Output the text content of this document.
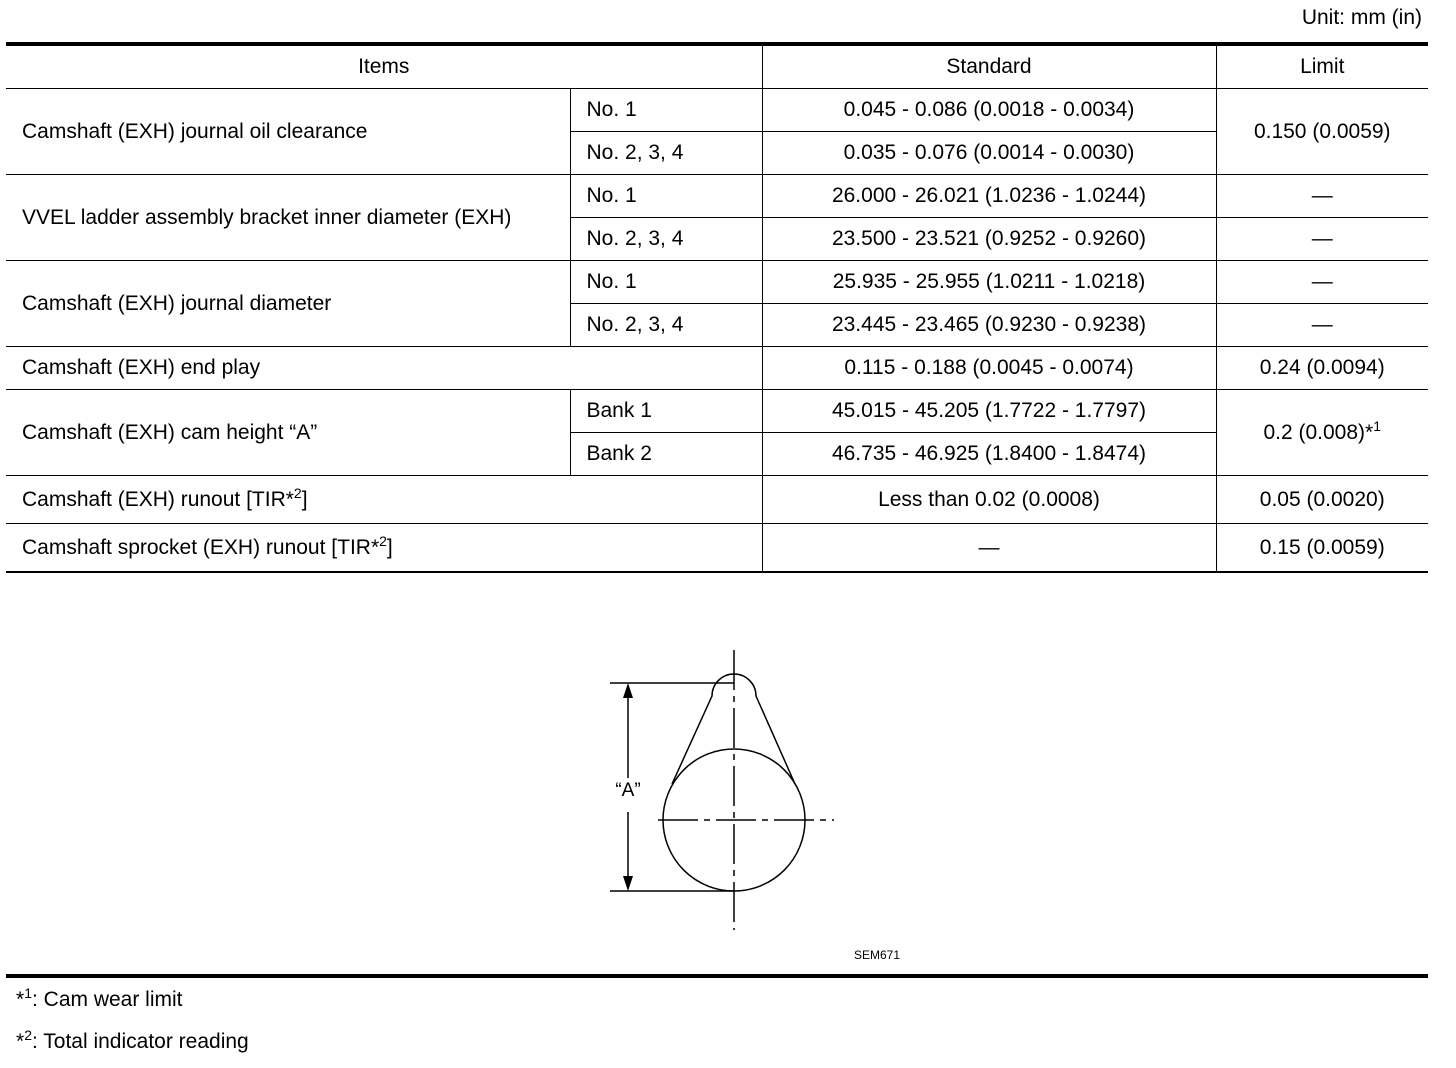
Unit: mm (in)
Items		Standard	Limit
Camshaft (EXH) journal oil clearance	No. 1	0.045 - 0.086 (0.0018 - 0.0034)	0.150 (0.0059)
	No. 2, 3, 4	0.035 - 0.076 (0.0014 - 0.0030)	
VVEL ladder assembly bracket inner diameter (EXH)	No. 1	26.000 - 26.021 (1.0236 - 1.0244)	—
	No. 2, 3, 4	23.500 - 23.521 (0.9252 - 0.9260)	—
Camshaft (EXH) journal diameter	No. 1	25.935 - 25.955 (1.0211 - 1.0218)	—
	No. 2, 3, 4	23.445 - 23.465 (0.9230 - 0.9238)	—
Camshaft (EXH) end play		0.115 - 0.188 (0.0045 - 0.0074)	0.24 (0.0094)
Camshaft (EXH) cam height “A”	Bank 1	45.015 - 45.205 (1.7722 - 1.7797)	0.2 (0.008)*$^1$
	Bank 2	46.735 - 46.925 (1.8400 - 1.8474)	
Camshaft (EXH) runout [TIR*$^2$]		Less than 0.02 (0.0008)	0.05 (0.0020)
Camshaft sprocket (EXH) runout [TIR*$^2$]		—	0.15 (0.0059)
“A”
SEM671
*$^1$: Cam wear limit
*$^2$: Total indicator reading
